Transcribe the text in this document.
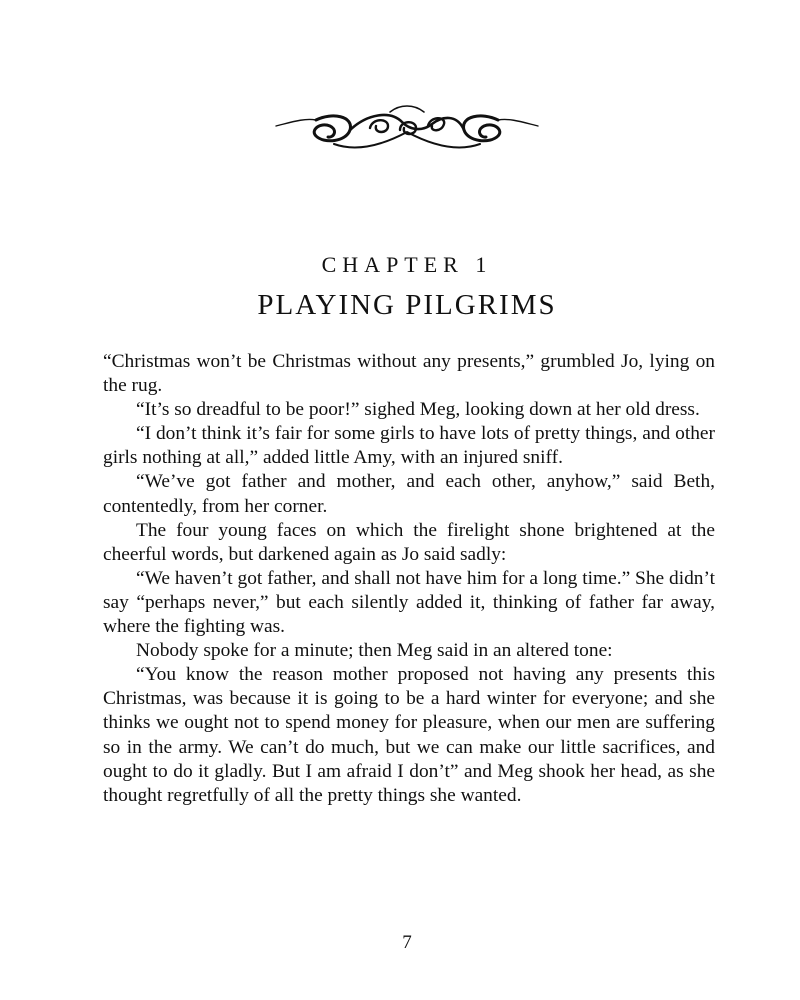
CHAPTER 1
PLAYING PILGRIMS

“Christmas won’t be Christmas without any presents,” grumbled Jo, lying on the rug.

“It’s so dreadful to be poor!” sighed Meg, looking down at her old dress.

“I don’t think it’s fair for some girls to have lots of pretty things, and other girls nothing at all,” added little Amy, with an injured sniff.

“We’ve got father and mother, and each other, anyhow,” said Beth, contentedly, from her corner.

The four young faces on which the firelight shone brightened at the cheerful words, but darkened again as Jo said sadly:

“We haven’t got father, and shall not have him for a long time.” She didn’t say “perhaps never,” but each silently added it, thinking of father far away, where the fighting was.

Nobody spoke for a minute; then Meg said in an altered tone:

“You know the reason mother proposed not having any presents this Christmas, was because it is going to be a hard winter for everyone; and she thinks we ought not to spend money for pleasure, when our men are suffering so in the army. We can’t do much, but we can make our little sacrifices, and ought to do it gladly. But I am afraid I don’t” and Meg shook her head, as she thought regretfully of all the pretty things she wanted.

7
